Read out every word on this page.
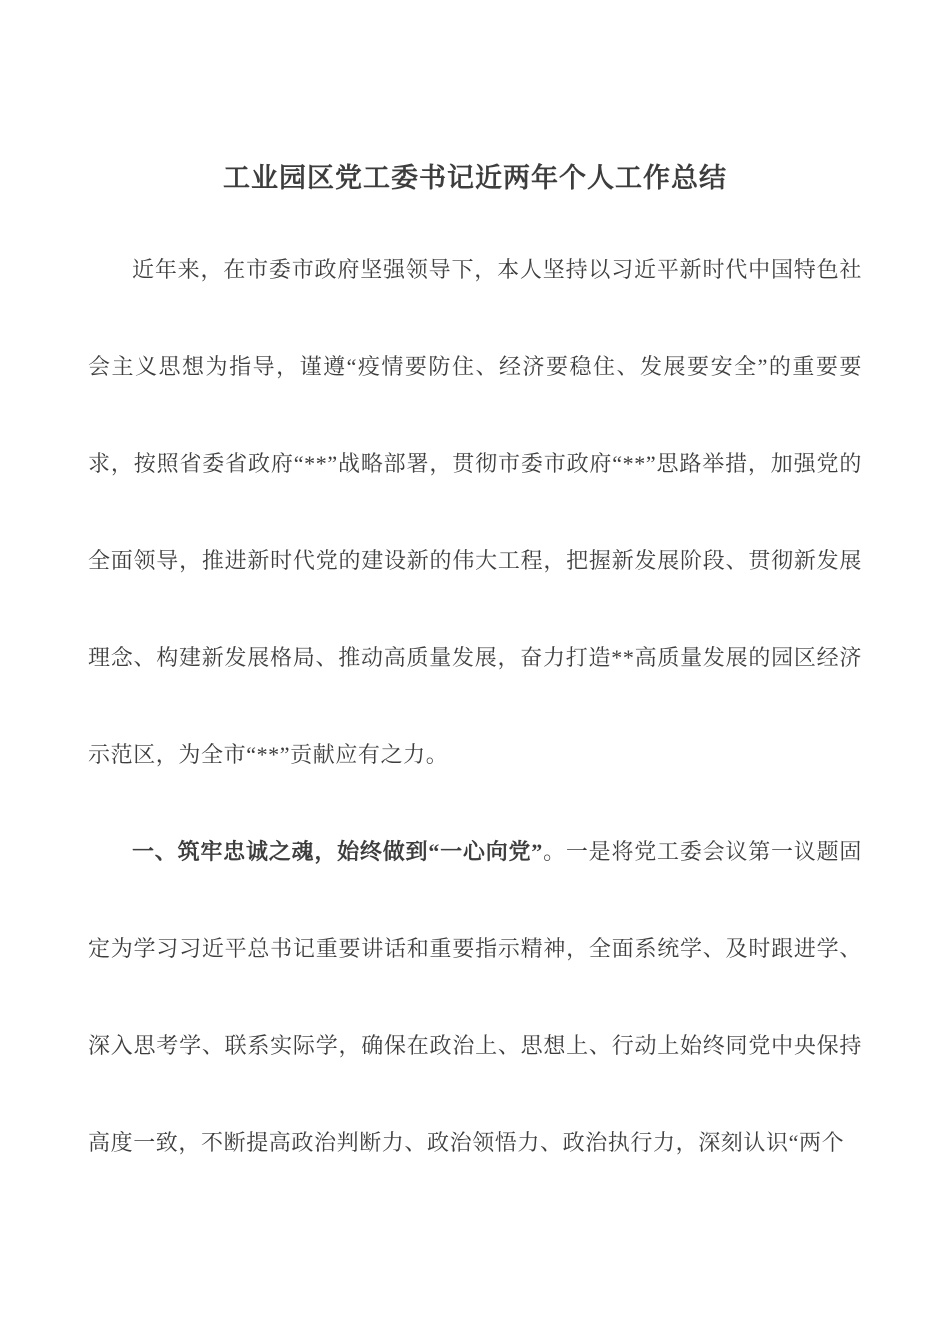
工业园区党工委书记近两年个人工作总结

近年来，在市委市政府坚强领导下，本人坚持以习近平新时代中国特色社会主义思想为指导，谨遵“疫情要防住、经济要稳住、发展要安全”的重要要求，按照省委省政府“**”战略部署，贯彻市委市政府“**”思路举措，加强党的全面领导，推进新时代党的建设新的伟大工程，把握新发展阶段、贯彻新发展理念、构建新发展格局、推动高质量发展，奋力打造**高质量发展的园区经济示范区，为全市“**”贡献应有之力。

一、筑牢忠诚之魂，始终做到“一心向党”。一是将党工委会议第一议题固定为学习习近平总书记重要讲话和重要指示精神，全面系统学、及时跟进学、深入思考学、联系实际学，确保在政治上、思想上、行动上始终同党中央保持高度一致，不断提高政治判断力、政治领悟力、政治执行力，深刻认识“两个
